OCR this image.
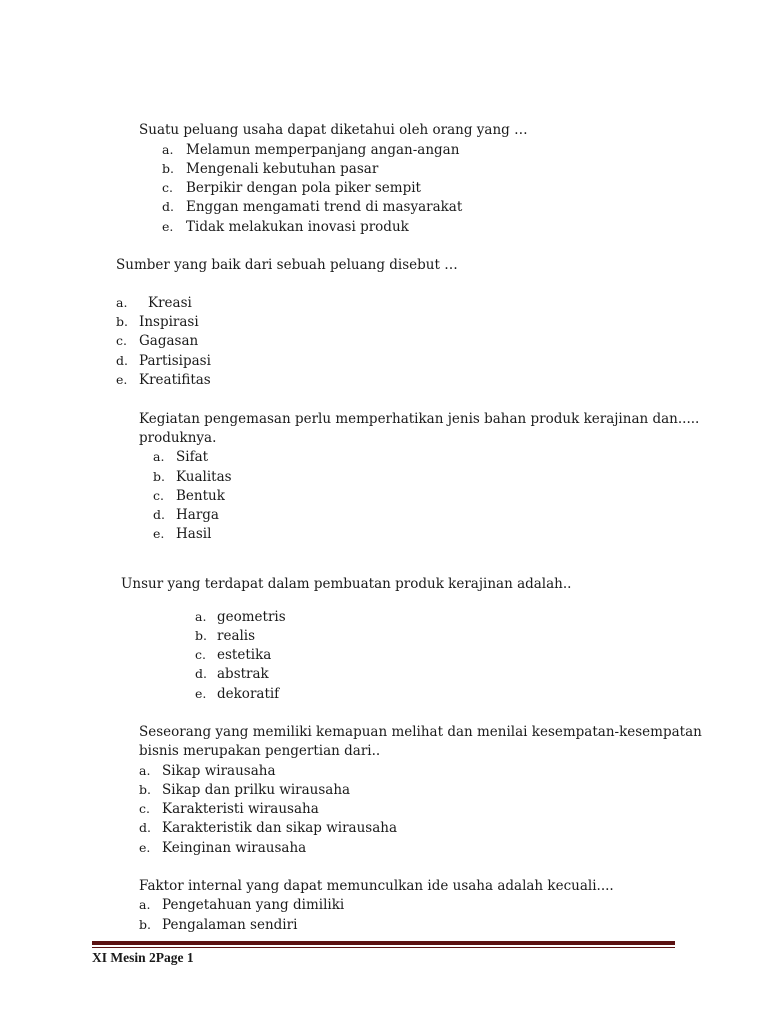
Suatu peluang usaha dapat diketahui oleh orang yang …
a. Melamun memperpanjang angan-angan
b. Mengenali kebutuhan pasar
c. Berpikir dengan pola piker sempit
d. Enggan mengamati trend di masyarakat
e. Tidak melakukan inovasi produk
Sumber yang baik dari sebuah peluang disebut …
a. Kreasi
b. Inspirasi
c. Gagasan
d. Partisipasi
e. Kreatifitas
Kegiatan pengemasan perlu memperhatikan jenis bahan produk kerajinan dan.....
produknya.
a. Sifat
b. Kualitas
c. Bentuk
d. Harga
e. Hasil
Unsur yang terdapat dalam pembuatan produk kerajinan adalah..
a. geometris
b. realis
c. estetika
d. abstrak
e. dekoratif
Seseorang yang memiliki kemapuan melihat dan menilai kesempatan-kesempatan
bisnis merupakan pengertian dari..
a. Sikap wirausaha
b. Sikap dan prilku wirausaha
c. Karakteristi wirausaha
d. Karakteristik dan sikap wirausaha
e. Keinginan wirausaha
Faktor internal yang dapat memunculkan ide usaha adalah kecuali....
a. Pengetahuan yang dimiliki
b. Pengalaman sendiri
XI Mesin 2Page 1
